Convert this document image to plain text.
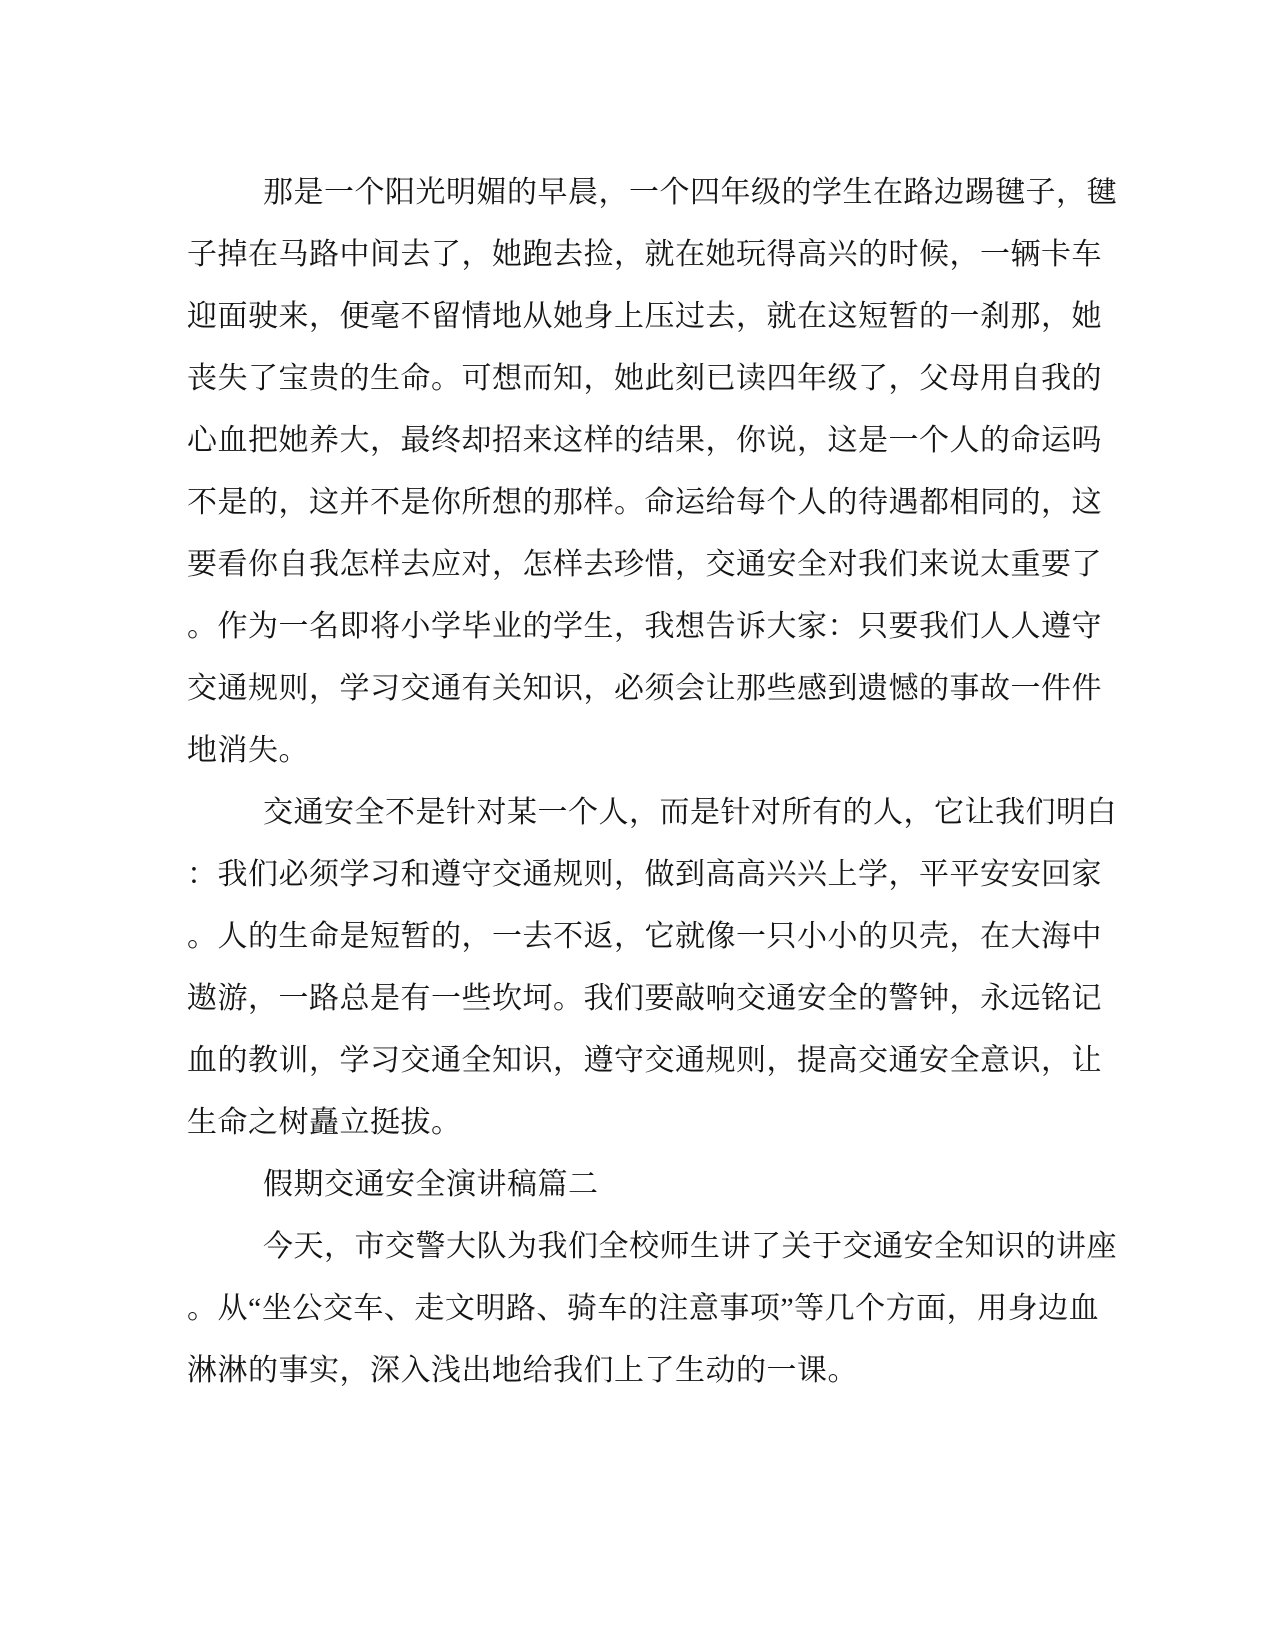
那是一个阳光明媚的早晨，一个四年级的学生在路边踢毽子，毽
子掉在马路中间去了，她跑去捡，就在她玩得高兴的时候，一辆卡车
迎面驶来，便毫不留情地从她身上压过去，就在这短暂的一刹那，她
丧失了宝贵的生命。可想而知，她此刻已读四年级了，父母用自我的
心血把她养大，最终却招来这样的结果，你说，这是一个人的命运吗
不是的，这并不是你所想的那样。命运给每个人的待遇都相同的，这
要看你自我怎样去应对，怎样去珍惜，交通安全对我们来说太重要了
。作为一名即将小学毕业的学生，我想告诉大家：只要我们人人遵守
交通规则，学习交通有关知识，必须会让那些感到遗憾的事故一件件
地消失。
交通安全不是针对某一个人，而是针对所有的人，它让我们明白
：我们必须学习和遵守交通规则，做到高高兴兴上学，平平安安回家
。人的生命是短暂的，一去不返，它就像一只小小的贝壳，在大海中
遨游，一路总是有一些坎坷。我们要敲响交通安全的警钟，永远铭记
血的教训，学习交通全知识，遵守交通规则，提高交通安全意识，让
生命之树矗立挺拔。
假期交通安全演讲稿篇二
今天，市交警大队为我们全校师生讲了关于交通安全知识的讲座
。从“坐公交车、走文明路、骑车的注意事项”等几个方面，用身边血
淋淋的事实，深入浅出地给我们上了生动的一课。
